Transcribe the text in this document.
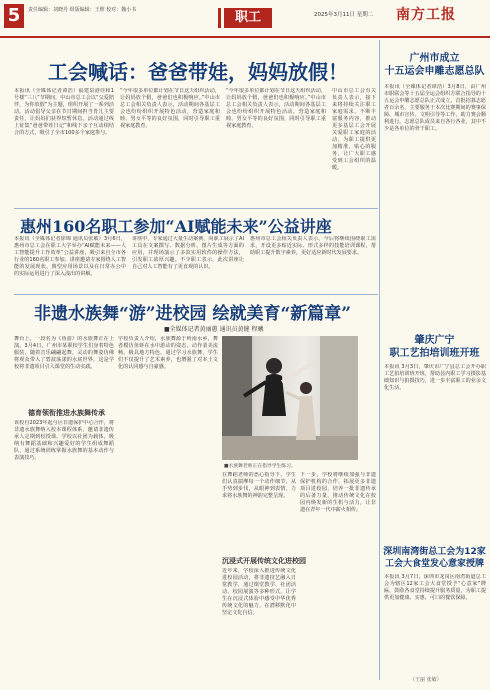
5	责任编辑：刘晓丹 组版编辑：王维 校对：魏小书	职工	2025年3月11日 星期二 南方工报
工会喊话：爸爸带娃，妈妈放假！
本报讯（全媒体记者谭浩）福建泉港佳和1号楼“三八”节期间，中山市总工会以“父爱陪伴，为你放假”为主题，组织开展了一系列活动。活动倡导父亲在节日期间担当育儿主要责任，让妈妈们获得短暂休息。活动通过线上征集“爸爸带娃日记”和线下亲子互动相结合的方式，吸引了全市100多个家庭参与。
“今年很多单位都计划在节日这天组织活动，让妈妈放个假，爸爸们也积极响应。”中山市总工会相关负责人表示，活动期间各基层工会也纷纷组织开展特色活动，营造家庭和睦、男女平等的良好氛围，同时引导职工重视家庭教育。
“今年很多单位都计划在节日这天组织活动，让妈妈放个假，爸爸们也积极响应。”中山市总工会相关负责人表示，活动期间各基层工会也纷纷组织开展特色活动，营造家庭和睦、男女平等的良好氛围，同时引导职工重视家庭教育。
中山市总工会有关负责人表示，接下来将持续关注职工家庭需求，不断丰富服务内容，推动更多基层工会开展关爱职工家庭的活动，为职工提供更加精准、贴心的服务，让广大职工感受到工会组织的温暖。
惠州160名职工参加“AI赋能未来”公益讲座
本报讯（全媒体记者徐锦 通讯员张敏）3月6日，惠州市总工会在职工大学举办“AI赋能未来——人工智能提升工作效率”公益讲座，吸引来自全市各行业的160名职工参加。讲座邀请专家围绕人工智能的发展现状、典型应用场景以及在日常办公中的实际运用进行了深入浅出的讲解。
讲座中，专家通过大量生动案例，向职工展示了AI工具在文案撰写、数据分析、图片生成等方面的应用，并现场演示了多款实用软件的操作方法，引发职工浓厚兴趣。不少职工表示，此次讲座让自己对人工智能有了更直观的认识。
惠州市总工会相关负责人表示，今后将继续围绕职工需求，开设更多贴近实际、形式多样的技能培训课程，帮助职工提升数字素养，更好适应新时代发展要求。
非遗水族舞“游”进校园 绘就美育“新篇章”
■全媒体记者黄丽蕙 通讯员黄健 程曦
舞台上，一段名为《鱼游》的水族舞正在上演。3月4日，广州市某职校学生们身着特色服装，随着音乐翩翩起舞，灵动的舞姿仿佛将观众带入了碧波荡漾的水底世界。这是学校将非遗项目引入课堂的生动实践。
德育领衔推进水族舞传承
该校自2023年起与区非遗保护中心合作，将非遗水族舞纳入校本课程体系，邀请非遗传承人定期到校授课。学校以社团为载体，吸纳有舞蹈基础和兴趣爱好的学生组成舞蹈队，通过系统训练掌握水族舞的基本动作与表演技巧。
学校负责人介绍，水族舞源于岭南水乡，舞者模仿鱼虾在水中游动的姿态，动作柔美流畅，极具地方特色。通过学习水族舞，学生们不仅提升了艺术素养，也增强了对本土文化的认同感与自豪感。
■水族舞老师正在指导学生练习。
在舞蹈老师的悉心指导下，学生们认真揣摩每一个动作细节，从手势到步伐，从眼神到表情，力求将水族舞的神韵完整呈现。
沉浸式开展传统文化进校园
近年来，学校深入推进传统文化进校园活动，将非遗技艺融入日常教学，通过课堂教学、社团活动、校园展演等多种形式，让学生在沉浸式体验中感受中华优秀传统文化的魅力，在潜移默化中坚定文化自信。
下一步，学校将继续加强与非遗保护机构的合作，拓展更多非遗项目进校园，培养一批非遗传承的后备力量，推动传统文化在校园内焕发新的生机与活力，让非遗在青年一代中薪火相传。
广州市成立
十五运会申雕志愿总队
本报讯（全媒体记者谭浩）3月8日，由广州市职联会等十五届全运会组织方联合指导的十五运会申雕志愿总队正式成立，首批招募志愿者百余名，主要服务于本次比赛期间的赛事保障、城市宣传、文明引导等工作，助力赛会顺利进行。志愿总队成员来自各行各业，其中不少是各单位的骨干职工。
肇庆广宁
职工艺拍培训班开班
本报讯 3月3日，肇庆市广宁县总工会开办职工艺拍培训班开班，帮助县内职工学习摄影基础知识与拍摄技巧，进一步丰富职工的业余文化生活。
深圳南湾街总工会为12家工会大食堂发心意家授牌
本报讯 3月7日，深圳市龙岗区南湾街道总工会为辖区12家工会大食堂授予“心意家”牌匾，鼓励各食堂持续提升服务质量，为职工提供更加健康、实惠、可口的餐饮保障。
（王丽 张敏）
